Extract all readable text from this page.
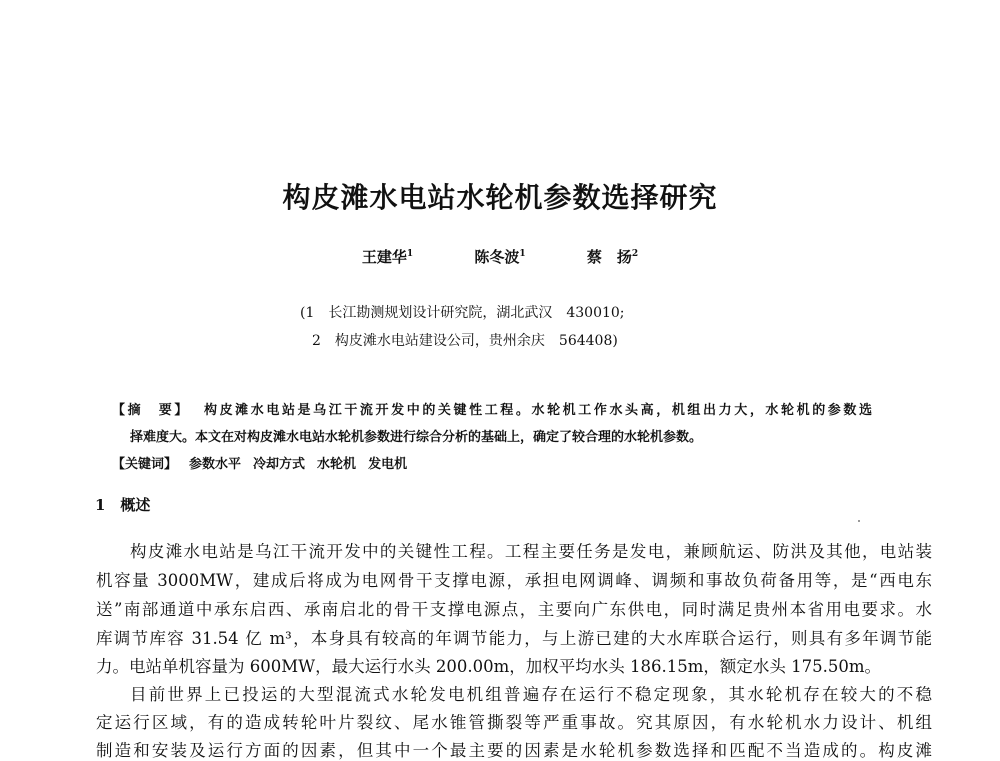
构皮滩水电站水轮机参数选择研究
王建华$^1$	陈冬波$^1$	蔡　扬$^2$
(1　长江勘测规划设计研究院，湖北武汉　430010;
2　构皮滩水电站建设公司，贵州余庆　564408)
【摘　要】 构皮滩水电站是乌江干流开发中的关键性工程。水轮机工作水头高，机组出力大，水轮机的参数选
择难度大。本文在对构皮滩水电站水轮机参数进行综合分析的基础上，确定了较合理的水轮机参数。
【关键词】 参数水平 冷却方式 水轮机 发电机
1　概述
构皮滩水电站是乌江干流开发中的关键性工程。工程主要任务是发电，兼顾航运、防洪及其他，电站装
机容量 3000MW，建成后将成为电网骨干支撑电源，承担电网调峰、调频和事故负荷备用等，是“西电东
送”南部通道中承东启西、承南启北的骨干支撑电源点，主要向广东供电，同时满足贵州本省用电要求。水
库调节库容 31.54 亿 m³，本身具有较高的年调节能力，与上游已建的大水库联合运行，则具有多年调节能
力。电站单机容量为 600MW，最大运行水头 200.00m，加权平均水头 186.15m，额定水头 175.50m。
目前世界上已投运的大型混流式水轮发电机组普遍存在运行不稳定现象，其水轮机存在较大的不稳
定运行区域，有的造成转轮叶片裂纹、尾水锥管撕裂等严重事故。究其原因，有水轮机水力设计、机组
制造和安装及运行方面的因素，但其中一个最主要的因素是水轮机参数选择和匹配不当造成的。构皮滩
